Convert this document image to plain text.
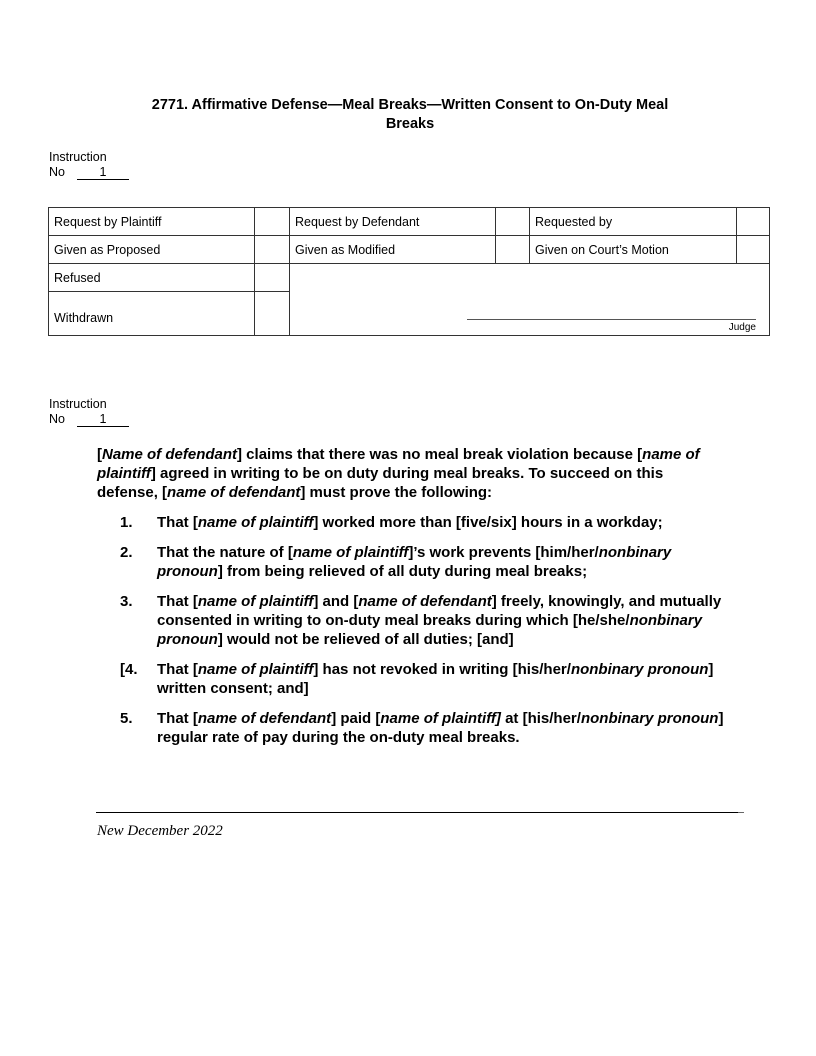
2771. Affirmative Defense—Meal Breaks—Written Consent to On-Duty Meal Breaks
Instruction
No	1
Request by Plaintiff		Request by Defendant		Requested by	
Given as Proposed		Given as Modified		Given on Court’s Motion	
Refused		Judge			

Withdrawn					
Instruction
No	1

[Name of defendant] claims that there was no meal break violation because [name of plaintiff] agreed in writing to be on duty during meal breaks. To succeed on this defense, [name of defendant] must prove the following:

1. That [name of plaintiff] worked more than [five/six] hours in a workday;
2. That the nature of [name of plaintiff]’s work prevents [him/her/nonbinary pronoun] from being relieved of all duty during meal breaks;
3. That [name of plaintiff] and [name of defendant] freely, knowingly, and mutually consented in writing to on-duty meal breaks during which [he/she/nonbinary pronoun] would not be relieved of all duties; [and]
[4. That [name of plaintiff] has not revoked in writing [his/her/nonbinary pronoun] written consent; and]
5. That [name of defendant] paid [name of plaintiff] at [his/her/nonbinary pronoun] regular rate of pay during the on-duty meal breaks.
New December 2022
